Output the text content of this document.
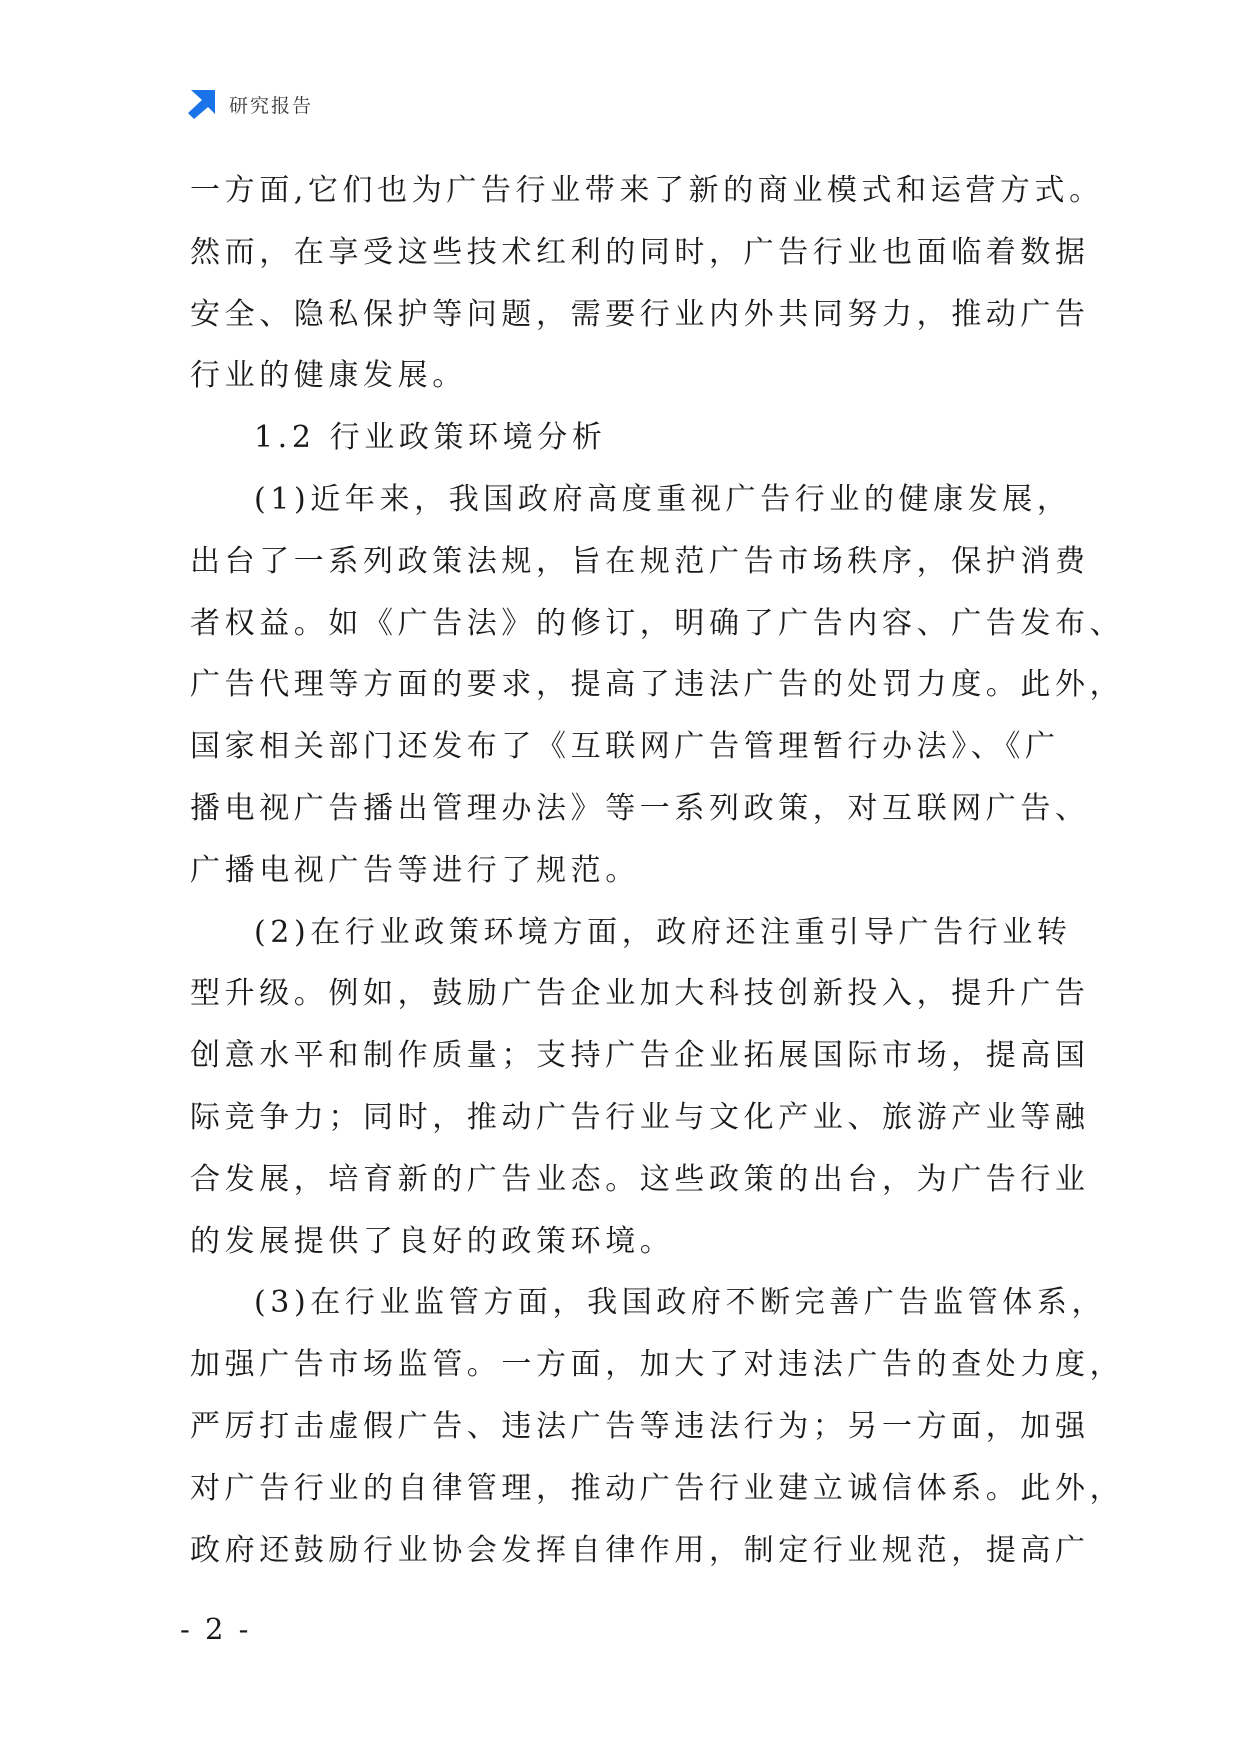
研究报告
一方面,它们也为广告行业带来了新的商业模式和运营方式。
然而，在享受这些技术红利的同时，广告行业也面临着数据
安全、隐私保护等问题，需要行业内外共同努力，推动广告
行业的健康发展。
1.2 行业政策环境分析
(1)近年来，我国政府高度重视广告行业的健康发展，
出台了一系列政策法规，旨在规范广告市场秩序，保护消费
者权益。如《广告法》的修订，明确了广告内容、广告发布、
广告代理等方面的要求，提高了违法广告的处罚力度。此外，
国家相关部门还发布了《互联网广告管理暂行办法》、《广
播电视广告播出管理办法》等一系列政策，对互联网广告、
广播电视广告等进行了规范。
(2)在行业政策环境方面，政府还注重引导广告行业转
型升级。例如，鼓励广告企业加大科技创新投入，提升广告
创意水平和制作质量；支持广告企业拓展国际市场，提高国
际竞争力；同时，推动广告行业与文化产业、旅游产业等融
合发展，培育新的广告业态。这些政策的出台，为广告行业
的发展提供了良好的政策环境。
(3)在行业监管方面，我国政府不断完善广告监管体系，
加强广告市场监管。一方面，加大了对违法广告的查处力度，
严厉打击虚假广告、违法广告等违法行为；另一方面，加强
对广告行业的自律管理，推动广告行业建立诚信体系。此外，
政府还鼓励行业协会发挥自律作用，制定行业规范，提高广
- 2 -
